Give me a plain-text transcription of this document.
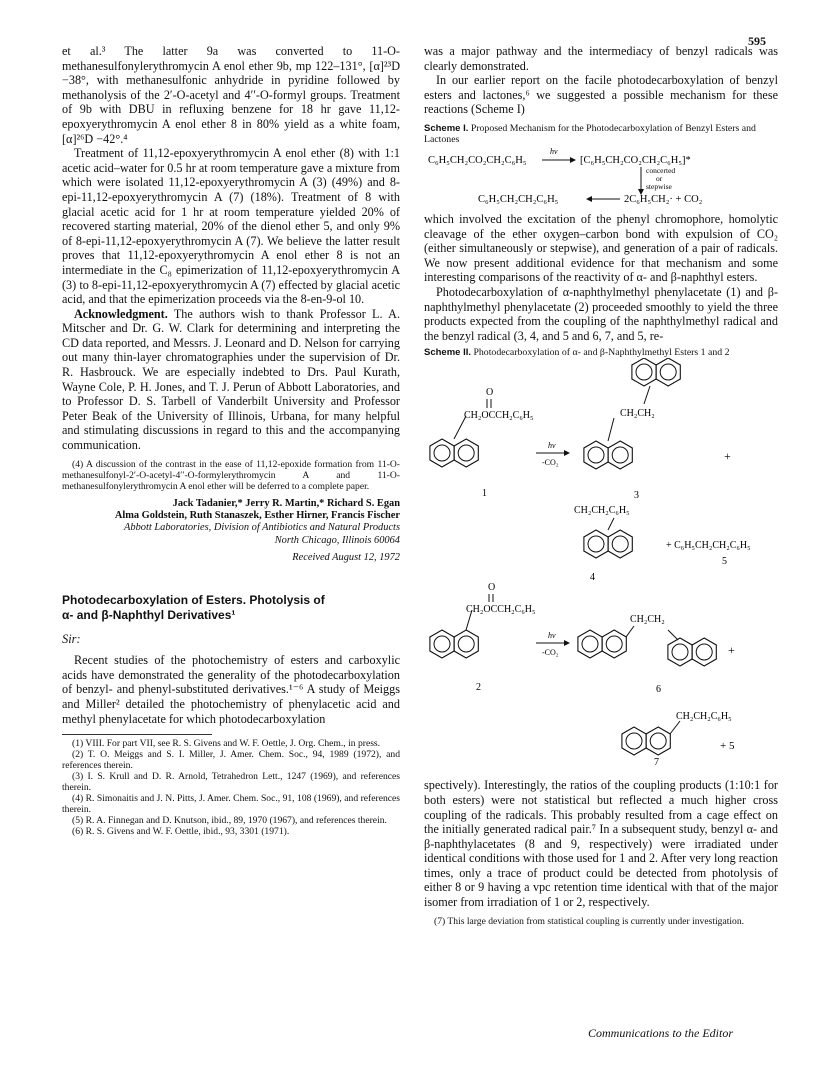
595

et al.³ The latter 9a was converted to 11-O-methanesulfonylerythromycin A enol ether 9b, mp 122–131°, [α]²³D −38°, with methanesulfonic anhydride in pyridine followed by methanolysis of the 2′-O-acetyl and 4′′-O-formyl groups. Treatment of 9b with DBU in refluxing benzene for 18 hr gave 11,12-epoxyerythromycin A enol ether 8 in 80% yield as a white foam, [α]²⁶D −42°.⁴

Treatment of 11,12-epoxyerythromycin A enol ether (8) with 1:1 acetic acid–water for 0.5 hr at room temperature gave a mixture from which were isolated 11,12-epoxyerythromycin A (3) (49%) and 8-epi-11,12-epoxyerythromycin A (7) (18%). Treatment of 8 with glacial acetic acid for 1 hr at room temperature yielded 20% of recovered starting material, 20% of the dienol ether 5, and only 9% of 8-epi-11,12-epoxyerythromycin A (7). We believe the latter result proves that 11,12-epoxyerythromycin A enol ether 8 is not an intermediate in the C₈ epimerization of 11,12-epoxyerythromycin A (3) to 8-epi-11,12-epoxyerythromycin A (7) effected by glacial acetic acid, and that the epimerization proceeds via the 8-en-9-ol 10.

Acknowledgment. The authors wish to thank Professor L. A. Mitscher and Dr. G. W. Clark for determining and interpreting the CD data reported, and Messrs. J. Leonard and D. Nelson for carrying out many thin-layer chromatographies under the supervision of Dr. R. Hasbrouck. We are especially indebted to Drs. Paul Kurath, Wayne Cole, P. H. Jones, and T. J. Perun of Abbott Laboratories, and to Professor D. S. Tarbell of Vanderbilt University and Professor Peter Beak of the University of Illinois, Urbana, for many helpful and stimulating discussions in regard to this and the accompanying communication.

(4) A discussion of the contrast in the ease of 11,12-epoxide formation from 11-O-methanesulfonyl-2′-O-acetyl-4′′-O-formylerythromycin A and 11-O-methanesulfonylerythromycin A enol ether will be deferred to a complete paper.

Jack Tadanier,* Jerry R. Martin,* Richard S. Egan

Alma Goldstein, Ruth Stanaszek, Esther Hirner, Francis Fischer

Abbott Laboratories, Division of Antibiotics and Natural Products

North Chicago, Illinois 60064

Received August 12, 1972

Photodecarboxylation of Esters. Photolysis of

α- and β-Naphthyl Derivatives¹

Sir:

Recent studies of the photochemistry of esters and carboxylic acids have demonstrated the generality of the photodecarboxylation of benzyl- and phenyl-substituted derivatives.¹⁻⁶ A study of Meiggs and Miller² detailed the photochemistry of phenylacetic acid and methyl phenylacetate for which photodecarboxylation

(1) VIII. For part VII, see R. S. Givens and W. F. Oettle, J. Org. Chem., in press.

(2) T. O. Meiggs and S. I. Miller, J. Amer. Chem. Soc., 94, 1989 (1972), and references therein.

(3) I. S. Krull and D. R. Arnold, Tetrahedron Lett., 1247 (1969), and references therein.

(4) R. Simonaitis and J. N. Pitts, J. Amer. Chem. Soc., 91, 108 (1969), and references therein.

(5) R. A. Finnegan and D. Knutson, ibid., 89, 1970 (1967), and references therein.

(6) R. S. Givens and W. F. Oettle, ibid., 93, 3301 (1971).

was a major pathway and the intermediacy of benzyl radicals was clearly demonstrated.

In our earlier report on the facile photodecarboxylation of benzyl esters and lactones,⁶ we suggested a possible mechanism for these reactions (Scheme I)

Scheme I. Proposed Mechanism for the Photodecarboxylation of Benzyl Esters and Lactones

C₆H₅CH₂CO₂CH₂C₆H₅
hν
[C₆H₅CH₂CO₂CH₂C₆H₅]*
concerted
or
stepwise
C₆H₅CH₂CH₂C₆H₅	2C₆H₅CH₂· + CO₂

which involved the excitation of the phenyl chromophore, homolytic cleavage of the ether oxygen–carbon bond with expulsion of CO₂ (either simultaneously or stepwise), and generation of a pair of radicals. We now present additional evidence for that mechanism and some interesting comparisons of the reactivity of α- and β-naphthyl esters.

Photodecarboxylation of α-naphthylmethyl phenylacetate (1) and β-naphthylmethyl phenylacetate (2) proceeded smoothly to yield the three products expected from the coupling of the naphthylmethyl radical and the benzyl radical (3, 4, and 5 and 6, 7, and 5, re-

Scheme II. Photodecarboxylation of α- and β-Naphthylmethyl Esters 1 and 2

O
CH₂OCCH₂C₆H₅
hν
-CO₂
1
CH₂CH₂
+
3
CH₂CH₂C₆H₅
+ C₆H₅CH₂CH₂C₆H₅
5
4
O
CH₂OCCH₂C₆H₅
hν
-CO₂
2
CH₂CH₂
+
6

CH₂CH₂C₆H₅
+ 5
7

spectively). Interestingly, the ratios of the coupling products (1:10:1 for both esters) were not statistical but reflected a much higher cross coupling of the radicals. This probably resulted from a cage effect on the initially generated radical pair.⁷ In a subsequent study, benzyl α- and β-naphthylacetates (8 and 9, respectively) were irradiated under identical conditions with those used for 1 and 2. After very long reaction times, only a trace of product could be detected from photolysis of either 8 or 9 having a vpc retention time identical with that of the major isomer from irradiation of 1 or 2, respectively.

(7) This large deviation from statistical coupling is currently under investigation.

Communications to the Editor
